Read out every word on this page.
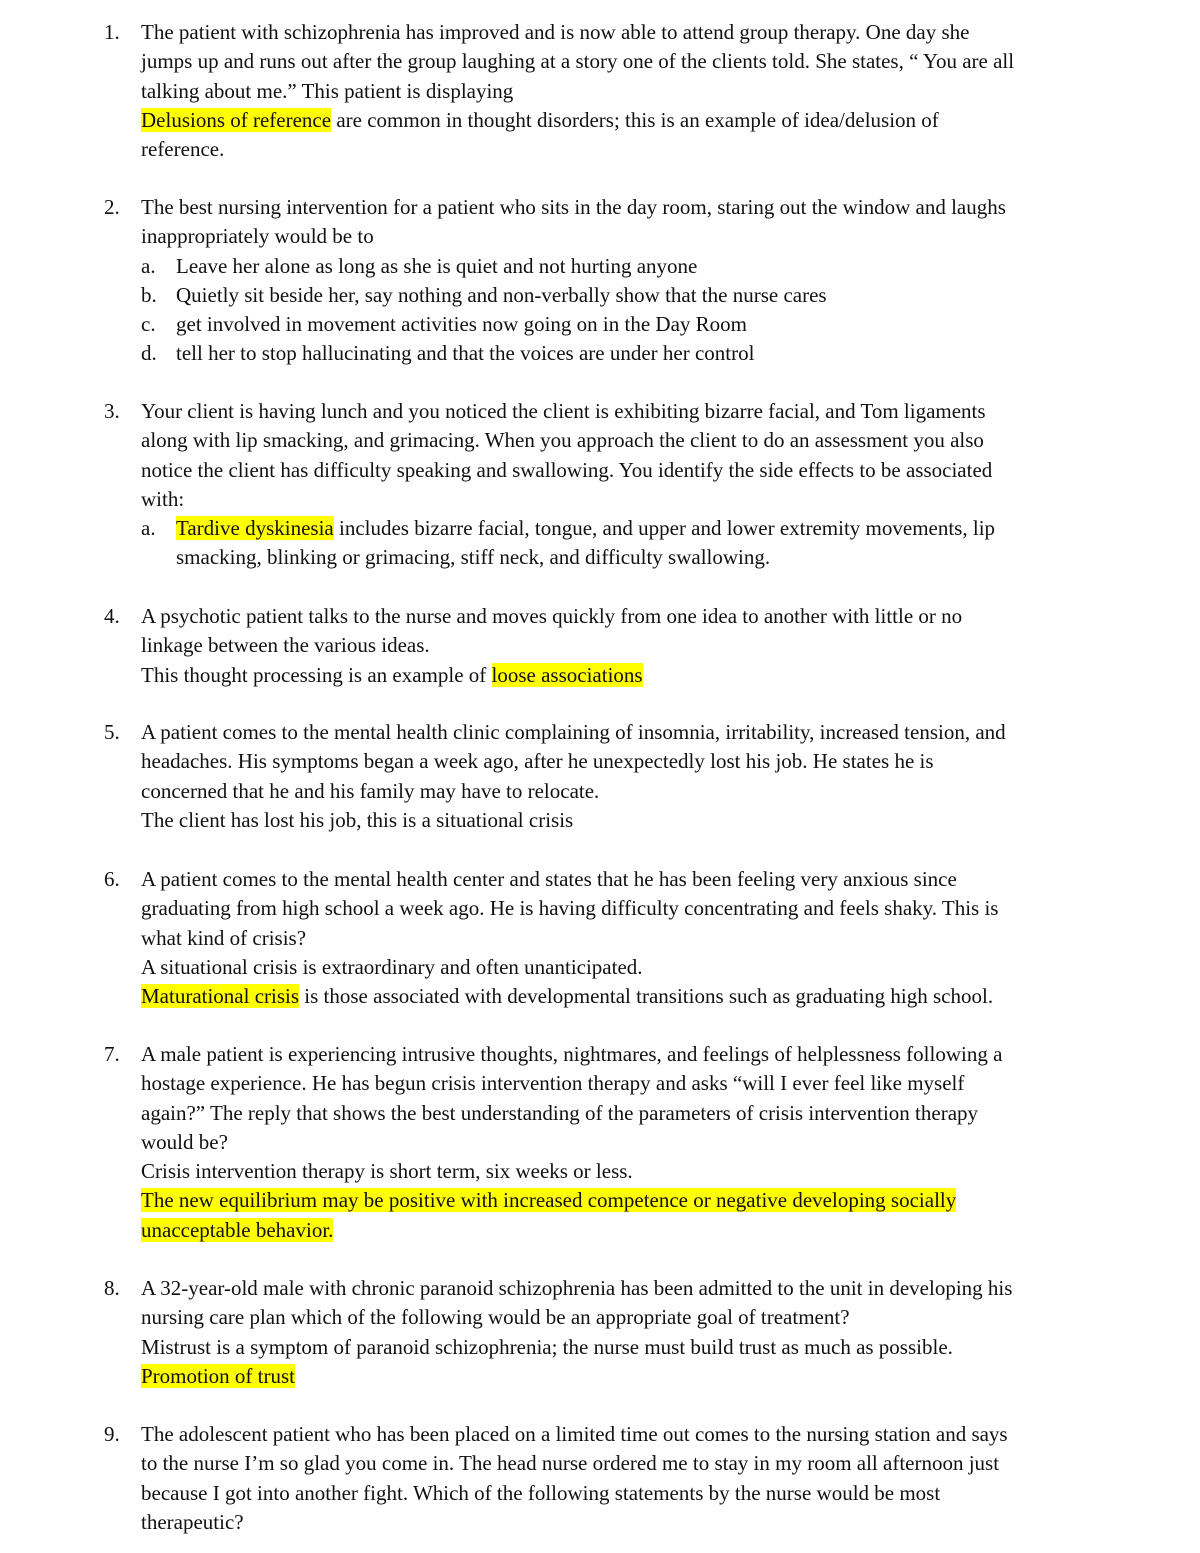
1.	The patient with schizophrenia has improved and is now able to attend group therapy. One day she
jumps up and runs out after the group laughing at a story one of the clients told. She states, “ You are all
talking about me.” This patient is displaying
Delusions of reference are common in thought disorders; this is an example of idea/delusion of
reference.
2.	The best nursing intervention for a patient who sits in the day room, staring out the window and laughs
inappropriately would be to
a. Leave her alone as long as she is quiet and not hurting anyone
b. Quietly sit beside her, say nothing and non-verbally show that the nurse cares
c. get involved in movement activities now going on in the Day Room
d. tell her to stop hallucinating and that the voices are under her control
3.	Your client is having lunch and you noticed the client is exhibiting bizarre facial, and Tom ligaments
along with lip smacking, and grimacing. When you approach the client to do an assessment you also
notice the client has difficulty speaking and swallowing. You identify the side effects to be associated
with:
a. Tardive dyskinesia includes bizarre facial, tongue, and upper and lower extremity movements, lip
smacking, blinking or grimacing, stiff neck, and difficulty swallowing.
4.	A psychotic patient talks to the nurse and moves quickly from one idea to another with little or no
linkage between the various ideas.
This thought processing is an example of loose associations
5.	A patient comes to the mental health clinic complaining of insomnia, irritability, increased tension, and
headaches. His symptoms began a week ago, after he unexpectedly lost his job. He states he is
concerned that he and his family may have to relocate.
The client has lost his job, this is a situational crisis
6.	A patient comes to the mental health center and states that he has been feeling very anxious since
graduating from high school a week ago. He is having difficulty concentrating and feels shaky. This is
what kind of crisis?
A situational crisis is extraordinary and often unanticipated.
Maturational crisis is those associated with developmental transitions such as graduating high school.
7.	A male patient is experiencing intrusive thoughts, nightmares, and feelings of helplessness following a
hostage experience. He has begun crisis intervention therapy and asks “will I ever feel like myself
again?” The reply that shows the best understanding of the parameters of crisis intervention therapy
would be?
Crisis intervention therapy is short term, six weeks or less.
The new equilibrium may be positive with increased competence or negative developing socially
unacceptable behavior.
8.	A 32-year-old male with chronic paranoid schizophrenia has been admitted to the unit in developing his
nursing care plan which of the following would be an appropriate goal of treatment?
Mistrust is a symptom of paranoid schizophrenia; the nurse must build trust as much as possible.
Promotion of trust
9.	The adolescent patient who has been placed on a limited time out comes to the nursing station and says
to the nurse I’m so glad you come in. The head nurse ordered me to stay in my room all afternoon just
because I got into another fight. Which of the following statements by the nurse would be most
therapeutic?
